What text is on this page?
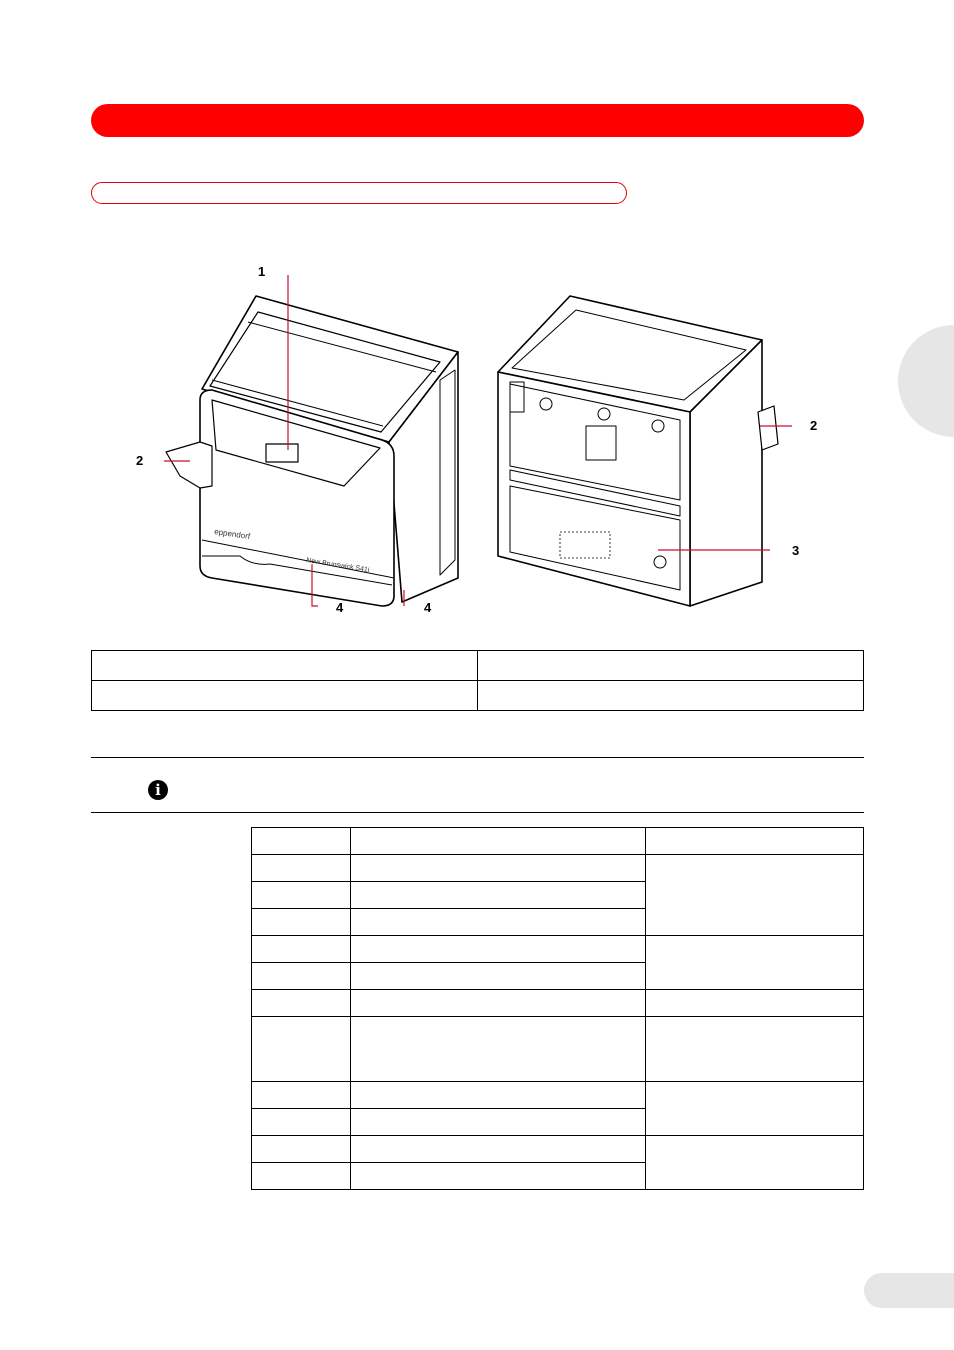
eppendorf
New Brunswick S41i
1
2
2
3
4	4

i
